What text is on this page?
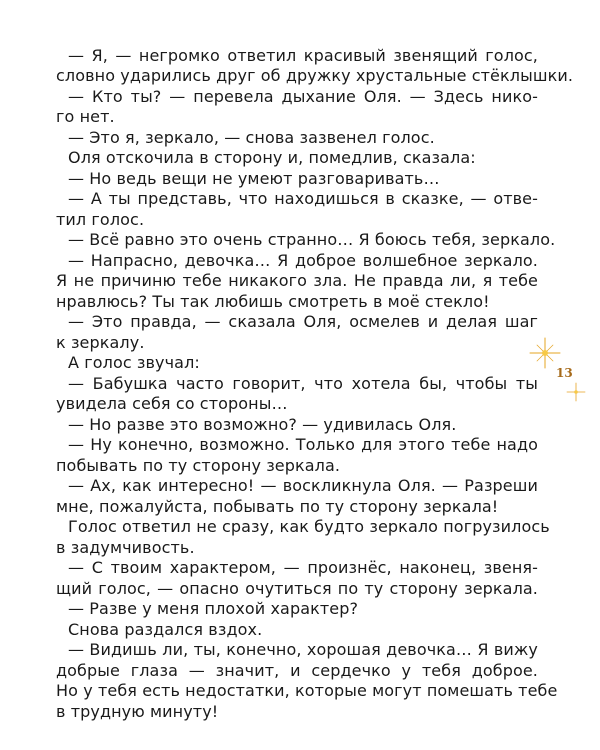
— Я, — негромко ответил красивый звенящий голос,
словно ударились друг об дружку хрустальные стёклышки.
— Кто ты? — перевела дыхание Оля. — Здесь нико-
го нет.
— Это я, зеркало, — снова зазвенел голос.
Оля отскочила в сторону и, помедлив, сказала:
— Но ведь вещи не умеют разговаривать…
— А ты представь, что находишься в сказке, — отве-
тил голос.
— Всё равно это очень странно… Я боюсь тебя, зеркало.
— Напрасно, девочка… Я доброе волшебное зеркало.
Я не причиню тебе никакого зла. Не правда ли, я тебе
нравлюсь? Ты так любишь смотреть в моё стекло!
— Это правда, — сказала Оля, осмелев и делая шаг
к зеркалу.
А голос звучал:
— Бабушка часто говорит, что хотела бы, чтобы ты
увидела себя со стороны…
— Но разве это возможно? — удивилась Оля.
— Ну конечно, возможно. Только для этого тебе надо
побывать по ту сторону зеркала.
— Ах, как интересно! — воскликнула Оля. — Разреши
мне, пожалуйста, побывать по ту сторону зеркала!
Голос ответил не сразу, как будто зеркало погрузилось
в задумчивость.
— С твоим характером, — произнёс, наконец, звеня-
щий голос, — опасно очутиться по ту сторону зеркала.
— Разве у меня плохой характер?
Снова раздался вздох.
— Видишь ли, ты, конечно, хорошая девочка… Я вижу
добрые глаза — значит, и сердечко у тебя доброе.
Но у тебя есть недостатки, которые могут помешать тебе
в трудную минуту!
13
